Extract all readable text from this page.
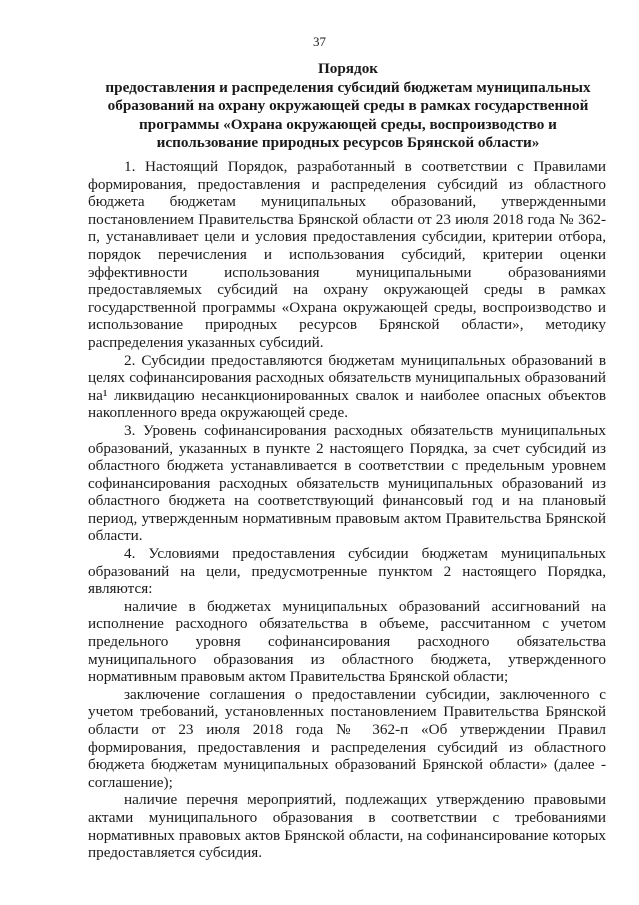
37
Порядок
предоставления и распределения субсидий бюджетам муниципальных
образований на охрану окружающей среды в рамках государственной
программы «Охрана окружающей среды, воспроизводство и
использование природных ресурсов Брянской области»

1. Настоящий Порядок, разработанный в соответствии с Правилами формирования, предоставления и распределения субсидий из областного бюджета бюджетам муниципальных образований, утвержденными постановлением Правительства Брянской области от 23 июля 2018 года № 362-п, устанавливает цели и условия предоставления субсидии, критерии отбора, порядок перечисления и использования субсидий, критерии оценки эффективности использования муниципальными образованиями предоставляемых субсидий на охрану окружающей среды в рамках государственной программы «Охрана окружающей среды, воспроизводство и использование природных ресурсов Брянской области», методику распределения указанных субсидий.

2. Субсидии предоставляются бюджетам муниципальных образований в целях софинансирования расходных обязательств муниципальных образований на¹ ликвидацию несанкционированных свалок и наиболее опасных объектов накопленного вреда окружающей среде.

3. Уровень софинансирования расходных обязательств муниципальных образований, указанных в пункте 2 настоящего Порядка, за счет субсидий из областного бюджета устанавливается в соответствии с предельным уровнем софинансирования расходных обязательств муниципальных образований из областного бюджета на соответствующий финансовый год и на плановый период, утвержденным нормативным правовым актом Правительства Брянской области.

4. Условиями предоставления субсидии бюджетам муниципальных образований на цели, предусмотренные пунктом 2 настоящего Порядка, являются:

наличие в бюджетах муниципальных образований ассигнований на исполнение расходного обязательства в объеме, рассчитанном с учетом предельного уровня софинансирования расходного обязательства муниципального образования из областного бюджета, утвержденного нормативным правовым актом Правительства Брянской области;

заключение соглашения о предоставлении субсидии, заключенного с учетом требований, установленных постановлением Правительства Брянской области от 23 июля 2018 года № 362-п «Об утверждении Правил формирования, предоставления и распределения субсидий из областного бюджета бюджетам муниципальных образований Брянской области» (далее - соглашение);

наличие перечня мероприятий, подлежащих утверждению правовыми актами муниципального образования в соответствии с требованиями нормативных правовых актов Брянской области, на софинансирование которых предоставляется субсидия.
